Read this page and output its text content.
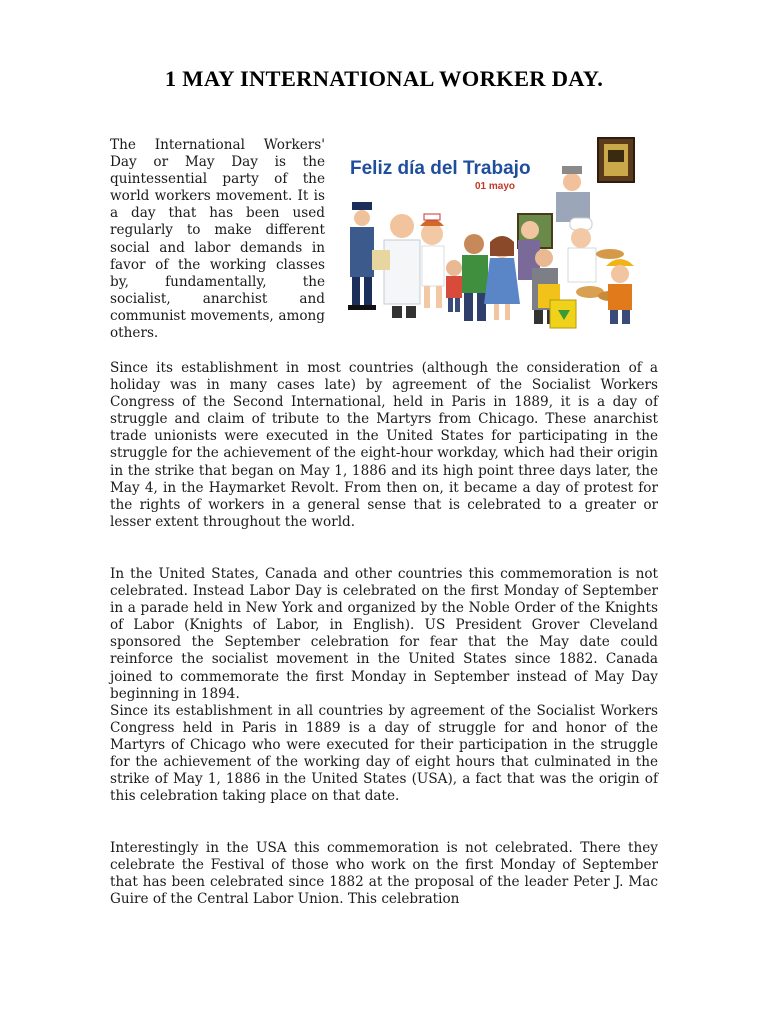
1 MAY INTERNATIONAL WORKER DAY.

The International Workers' Day or May Day is the quintessential party of the world workers movement. It is a day that has been used regularly to make different social and labor demands in favor of the working classes by, fundamentally, the socialist, anarchist and communist movements, among others.

Feliz día del Trabajo
01 mayo

Since its establishment in most countries (although the consideration of a holiday was in many cases late) by agreement of the Socialist Workers Congress of the Second International, held in Paris in 1889, it is a day of struggle and claim of tribute to the Martyrs from Chicago. These anarchist trade unionists were executed in the United States for participating in the struggle for the achievement of the eight-hour workday, which had their origin in the strike that began on May 1, 1886 and its high point three days later, the May 4, in the Haymarket Revolt. From then on, it became a day of protest for the rights of workers in a general sense that is celebrated to a greater or lesser extent throughout the world.

In the United States, Canada and other countries this commemoration is not celebrated. Instead Labor Day is celebrated on the first Monday of September in a parade held in New York and organized by the Noble Order of the Knights of Labor (Knights of Labor, in English). US President Grover Cleveland sponsored the September celebration for fear that the May date could reinforce the socialist movement in the United States since 1882. Canada joined to commemorate the first Monday in September instead of May Day beginning in 1894.

Since its establishment in all countries by agreement of the Socialist Workers Congress held in Paris in 1889 is a day of struggle for and honor of the Martyrs of Chicago who were executed for their participation in the struggle for the achievement of the working day of eight hours that culminated in the strike of May 1, 1886 in the United States (USA), a fact that was the origin of this celebration taking place on that date.

Interestingly in the USA this commemoration is not celebrated. There they celebrate the Festival of those who work on the first Monday of September that has been celebrated since 1882 at the proposal of the leader Peter J. Mac Guire of the Central Labor Union. This celebration
